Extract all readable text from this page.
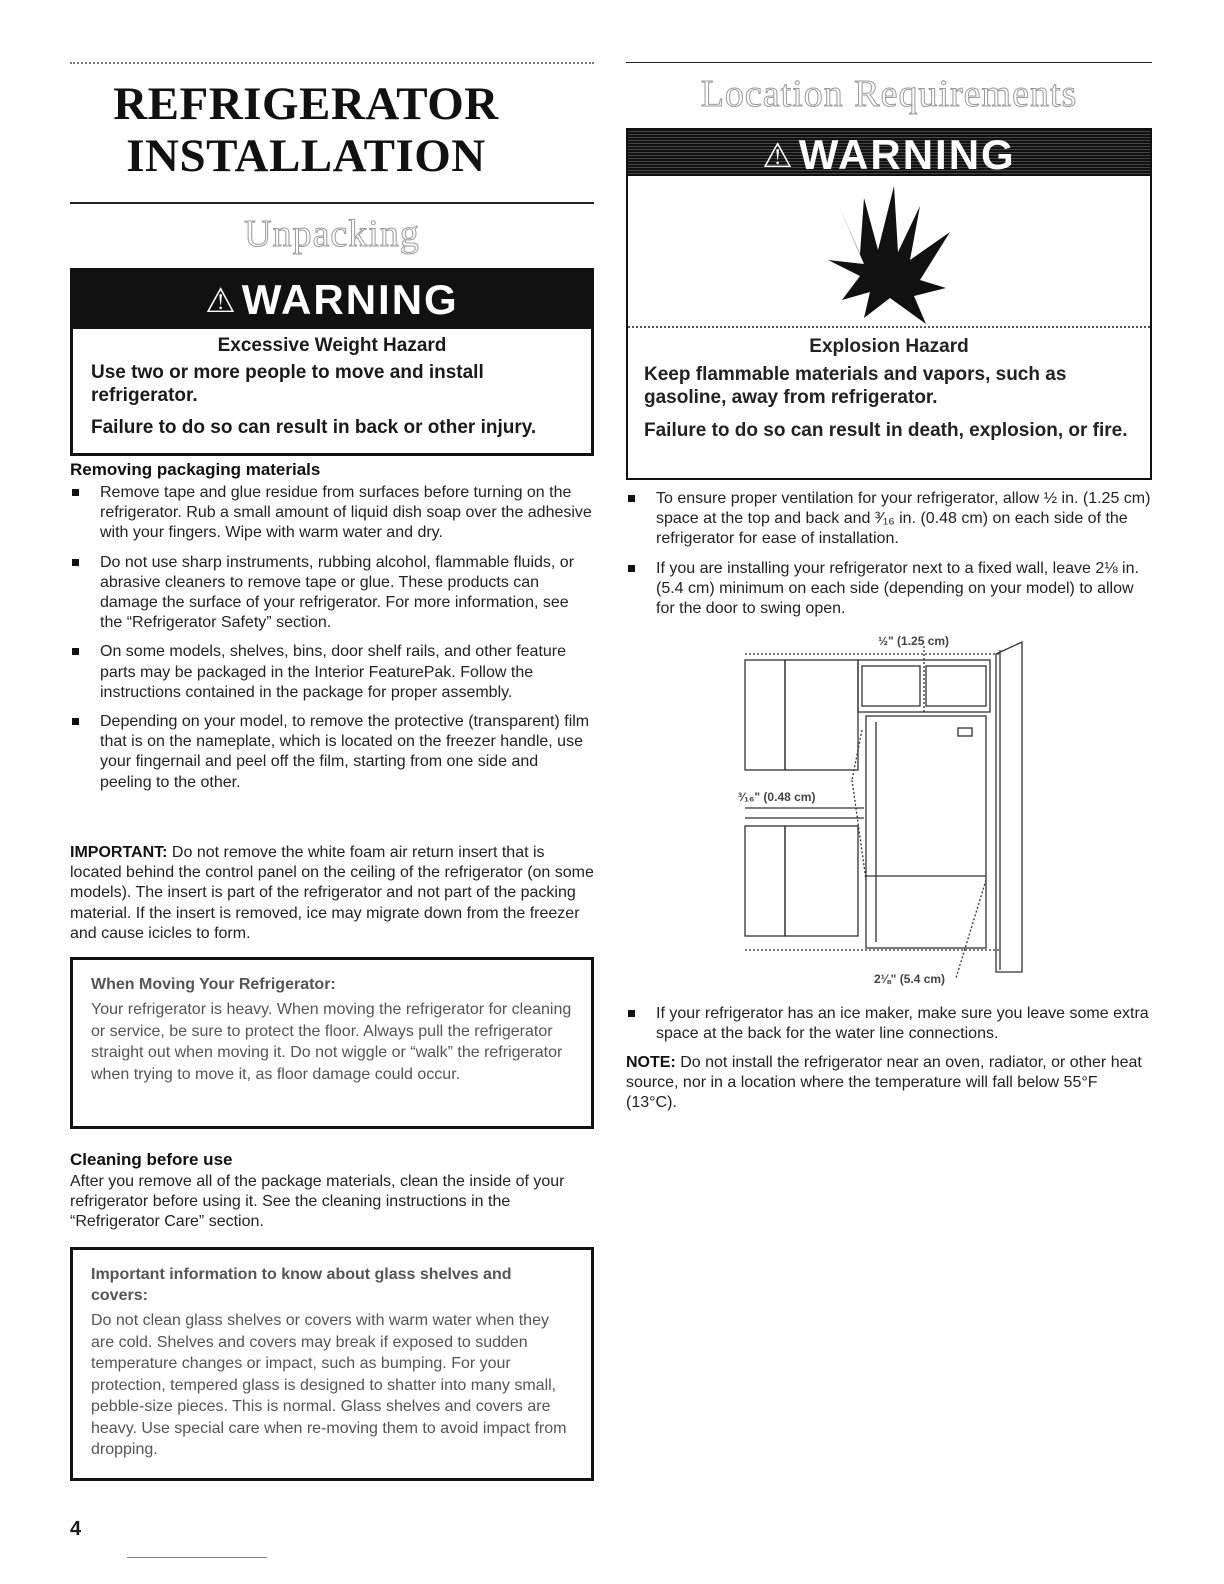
REFRIGERATOR
INSTALLATION
Unpacking
⚠WARNING
Excessive Weight Hazard

Use two or more people to move and install refrigerator.

Failure to do so can result in back or other injury.

Removing packaging materials
Remove tape and glue residue from surfaces before turning on the refrigerator. Rub a small amount of liquid dish soap over the adhesive with your fingers. Wipe with warm water and dry.
Do not use sharp instruments, rubbing alcohol, flammable fluids, or abrasive cleaners to remove tape or glue. These products can damage the surface of your refrigerator. For more information, see the “Refrigerator Safety” section.
On some models, shelves, bins, door shelf rails, and other feature parts may be packaged in the Interior FeaturePak. Follow the instructions contained in the package for proper assembly.
Depending on your model, to remove the protective (transparent) film that is on the nameplate, which is located on the freezer handle, use your fingernail and peel off the film, starting from one side and peeling to the other.

IMPORTANT: Do not remove the white foam air return insert that is located behind the control panel on the ceiling of the refrigerator (on some models). The insert is part of the refrigerator and not part of the packing material. If the insert is removed, ice may migrate down from the freezer and cause icicles to form.

When Moving Your Refrigerator:

Your refrigerator is heavy. When moving the refrigerator for cleaning or service, be sure to protect the floor. Always pull the refrigerator straight out when moving it. Do not wiggle or “walk” the refrigerator when trying to move it, as floor damage could occur.

Cleaning before use

After you remove all of the package materials, clean the inside of your refrigerator before using it. See the cleaning instructions in the “Refrigerator Care” section.

Important information to know about glass shelves and covers:

Do not clean glass shelves or covers with warm water when they are cold. Shelves and covers may break if exposed to sudden temperature changes or impact, such as bumping. For your protection, tempered glass is designed to shatter into many small, pebble-size pieces. This is normal. Glass shelves and covers are heavy. Use special care when re-moving them to avoid impact from dropping.

4

Location Requirements
⚠WARNING
Explosion Hazard

Keep flammable materials and vapors, such as gasoline, away from refrigerator.

Failure to do so can result in death, explosion, or fire.

To ensure proper ventilation for your refrigerator, allow ½ in. (1.25 cm) space at the top and back and ³⁄₁₆ in. (0.48 cm) on each side of the refrigerator for ease of installation.
If you are installing your refrigerator next to a fixed wall, leave 2⅛ in. (5.4 cm) minimum on each side (depending on your model) to allow for the door to swing open.
½" (1.25 cm)
³⁄₁₆" (0.48 cm)
2⅛" (5.4 cm)
If your refrigerator has an ice maker, make sure you leave some extra space at the back for the water line connections.

NOTE: Do not install the refrigerator near an oven, radiator, or other heat source, nor in a location where the temperature will fall below 55°F (13°C).
